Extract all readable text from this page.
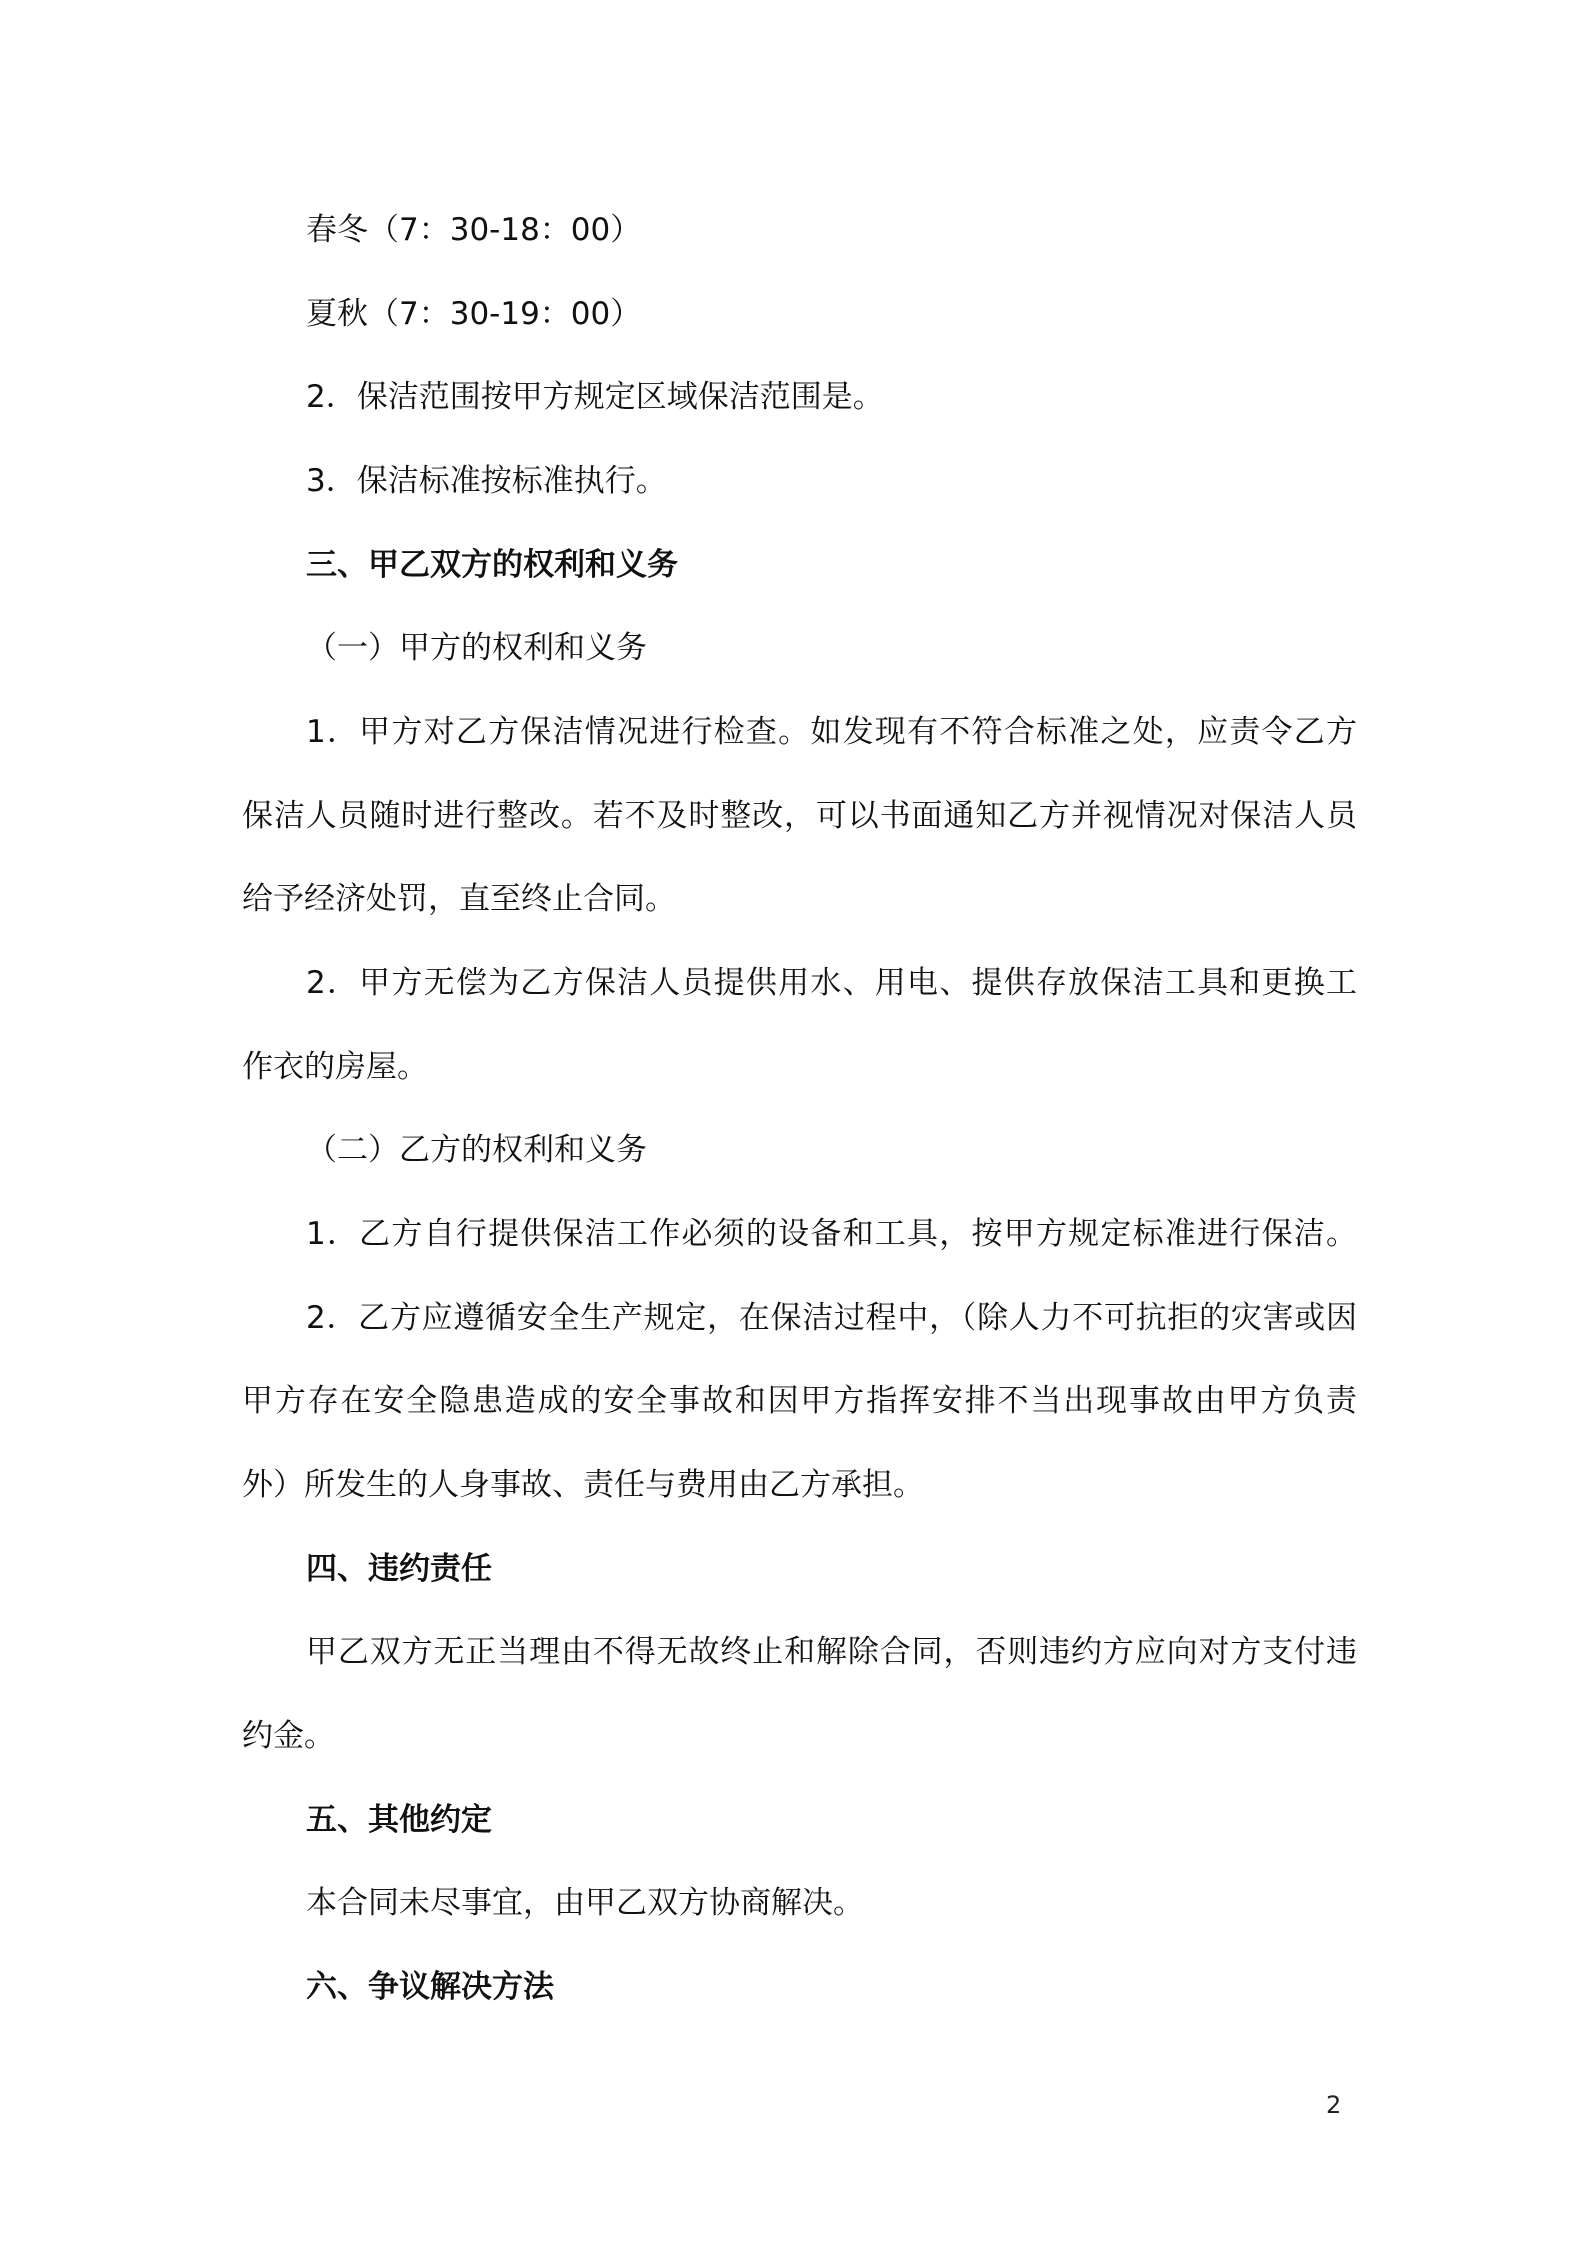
春冬（7：30-18：00）
夏秋（7：30-19：00）
2．保洁范围按甲方规定区域保洁范围是。
3．保洁标准按标准执行。
三、甲乙双方的权利和义务
（一）甲方的权利和义务
1．甲方对乙方保洁情况进行检查。如发现有不符合标准之处，应责令乙方
保洁人员随时进行整改。若不及时整改，可以书面通知乙方并视情况对保洁人员
给予经济处罚，直至终止合同。
2．甲方无偿为乙方保洁人员提供用水、用电、提供存放保洁工具和更换工
作衣的房屋。
（二）乙方的权利和义务
1．乙方自行提供保洁工作必须的设备和工具，按甲方规定标准进行保洁。
2．乙方应遵循安全生产规定，在保洁过程中，（除人力不可抗拒的灾害或因
甲方存在安全隐患造成的安全事故和因甲方指挥安排不当出现事故由甲方负责
外）所发生的人身事故、责任与费用由乙方承担。
四、违约责任
甲乙双方无正当理由不得无故终止和解除合同，否则违约方应向对方支付违
约金。
五、其他约定
本合同未尽事宜，由甲乙双方协商解决。
六、争议解决方法
2
